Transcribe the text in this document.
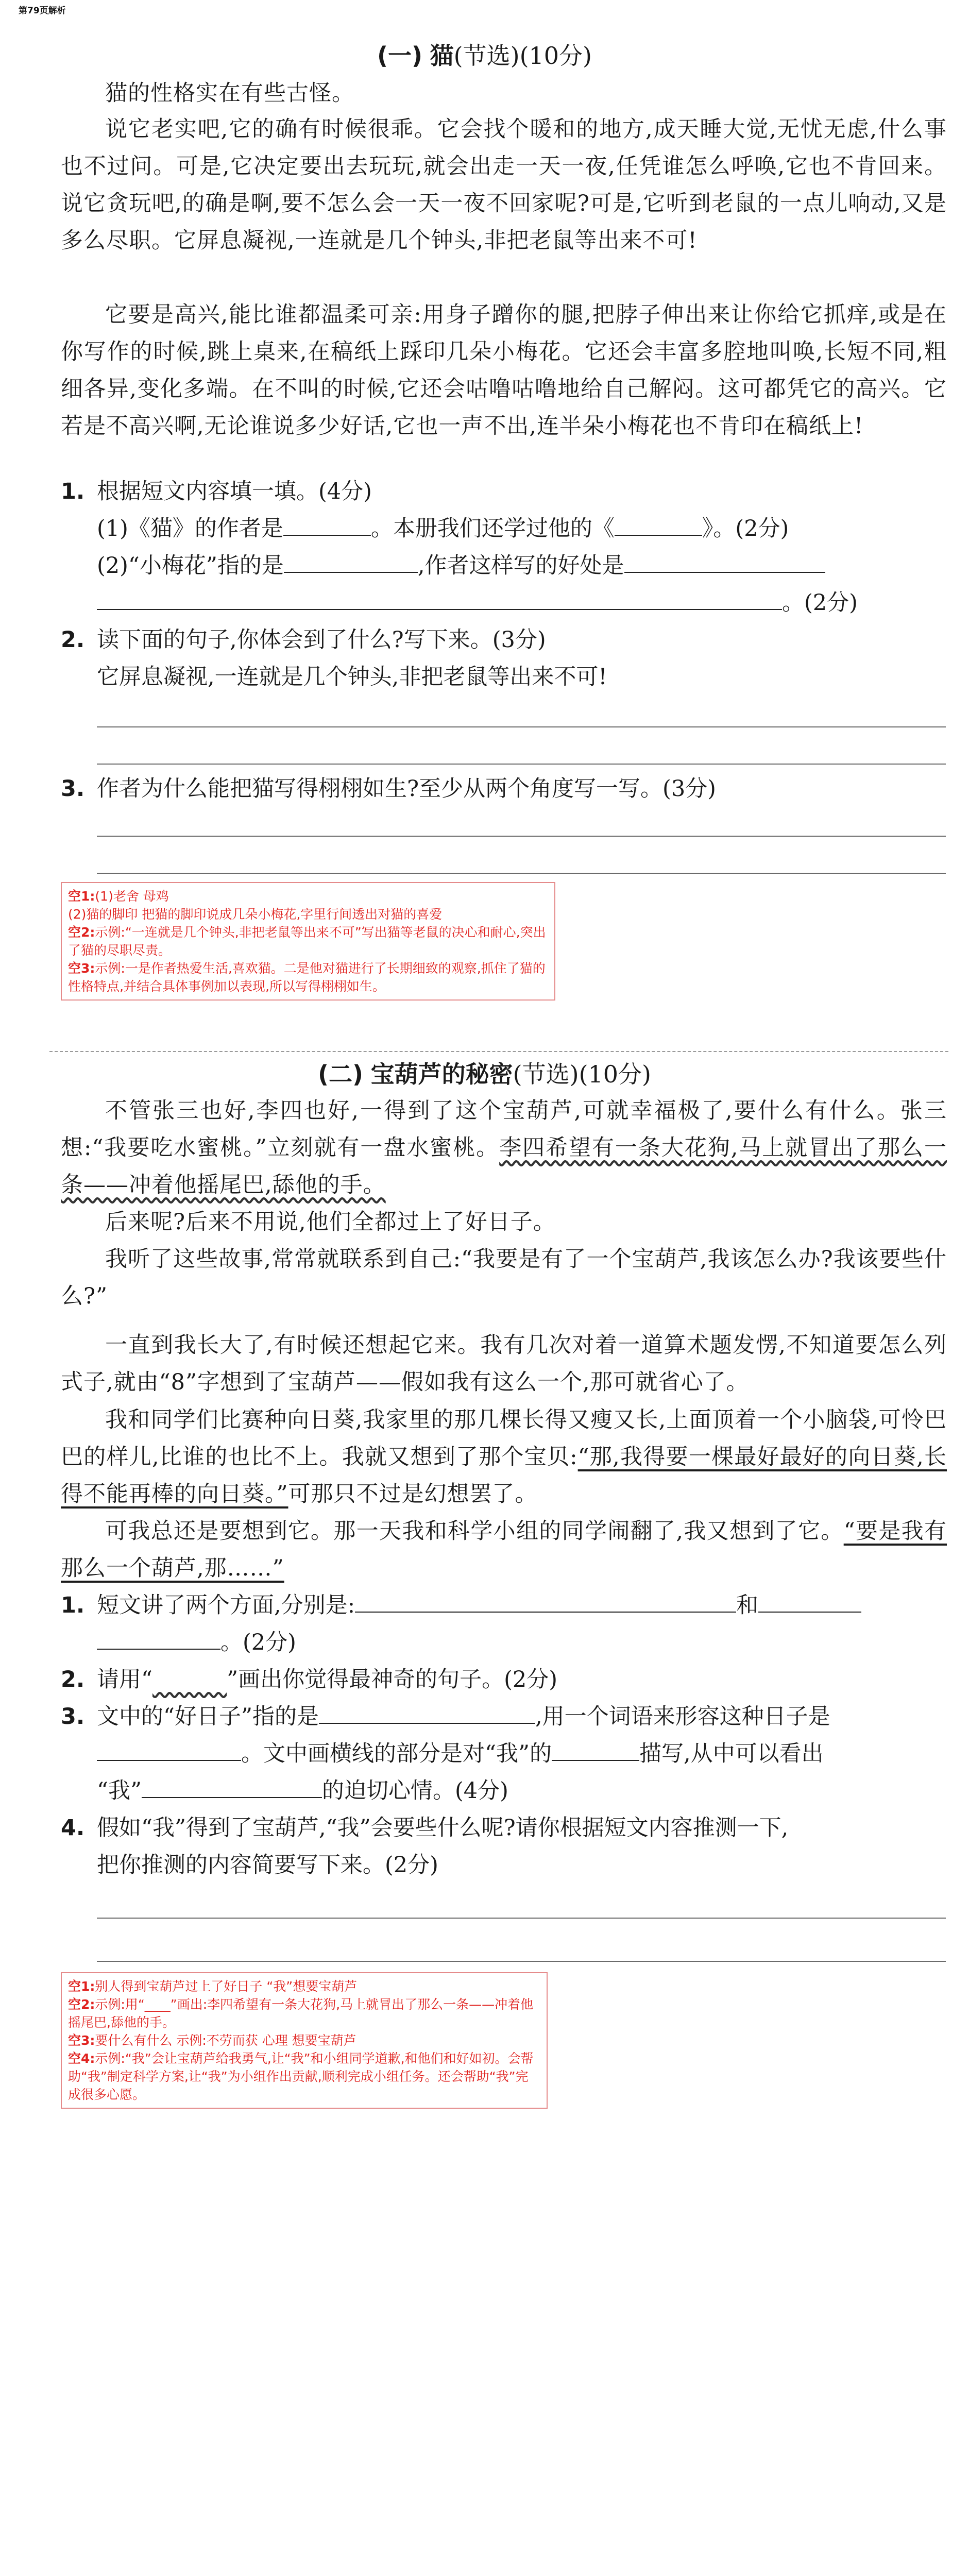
第79页解析
(一) 猫(节选)(10分)
猫的性格实在有些古怪。
说它老实吧,它的确有时候很乖。它会找个暖和的地方,成天睡大觉,无忧无虑,什么事也不过问。可是,它决定要出去玩玩,就会出走一天一夜,任凭谁怎么呼唤,它也不肯回来。说它贪玩吧,的确是啊,要不怎么会一天一夜不回家呢?可是,它听到老鼠的一点儿响动,又是多么尽职。它屏息凝视,一连就是几个钟头,非把老鼠等出来不可!
它要是高兴,能比谁都温柔可亲:用身子蹭你的腿,把脖子伸出来让你给它抓痒,或是在你写作的时候,跳上桌来,在稿纸上踩印几朵小梅花。它还会丰富多腔地叫唤,长短不同,粗细各异,变化多端。在不叫的时候,它还会咕噜咕噜地给自己解闷。这可都凭它的高兴。它若是不高兴啊,无论谁说多少好话,它也一声不出,连半朵小梅花也不肯印在稿纸上!
1. 根据短文内容填一填。(4分)
(1)《猫》的作者是	。本册我们还学过他的《	》。(2分)
(2)“小梅花”指的是	,作者这样写的好处是
。(2分)
2. 读下面的句子,你体会到了什么?写下来。(3分)
它屏息凝视,一连就是几个钟头,非把老鼠等出来不可!
3. 作者为什么能把猫写得栩栩如生?至少从两个角度写一写。(3分)

空1:(1)老舍 母鸡

(2)猫的脚印 把猫的脚印说成几朵小梅花,字里行间透出对猫的喜爱

空2:示例:“一连就是几个钟头,非把老鼠等出来不可”写出猫等老鼠的决心和耐心,突出了猫的尽职尽责。

空3:示例:一是作者热爱生活,喜欢猫。二是他对猫进行了长期细致的观察,抓住了猫的性格特点,并结合具体事例加以表现,所以写得栩栩如生。

(二) 宝葫芦的秘密(节选)(10分)
不管张三也好,李四也好,一得到了这个宝葫芦,可就幸福极了,要什么有什么。张三想:“我要吃水蜜桃。”立刻就有一盘水蜜桃。李四希望有一条大花狗,马上就冒出了那么一条——冲着他摇尾巴,舔他的手。
后来呢?后来不用说,他们全都过上了好日子。
我听了这些故事,常常就联系到自己:“我要是有了一个宝葫芦,我该怎么办?我该要些什么?”
一直到我长大了,有时候还想起它来。我有几次对着一道算术题发愣,不知道要怎么列式子,就由“8”字想到了宝葫芦——假如我有这么一个,那可就省心了。
我和同学们比赛种向日葵,我家里的那几棵长得又瘦又长,上面顶着一个小脑袋,可怜巴巴的样儿,比谁的也比不上。我就又想到了那个宝贝:“那,我得要一棵最好最好的向日葵,长得不能再棒的向日葵。”可那只不过是幻想罢了。
可我总还是要想到它。那一天我和科学小组的同学闹翻了,我又想到了它。“要是我有那么一个葫芦,那……”
1. 短文讲了两个方面,分别是:	和
。(2分)
2. 请用“~~~~”画出你觉得最神奇的句子。(2分)
3. 文中的“好日子”指的是	,用一个词语来形容这种日子是
。文中画横线的部分是对“我”的	描写,从中可以看出
“我”	的迫切心情。(4分)
4. 假如“我”得到了宝葫芦,“我”会要些什么呢?请你根据短文内容推测一下,
把你推测的内容简要写下来。(2分)

空1:别人得到宝葫芦过上了好日子 “我”想要宝葫芦

空2:示例:用“____”画出:李四希望有一条大花狗,马上就冒出了那么一条——冲着他摇尾巴,舔他的手。

空3:要什么有什么 示例:不劳而获 心理 想要宝葫芦

空4:示例:“我”会让宝葫芦给我勇气,让“我”和小组同学道歉,和他们和好如初。会帮助“我”制定科学方案,让“我”为小组作出贡献,顺利完成小组任务。还会帮助“我”完成很多心愿。
